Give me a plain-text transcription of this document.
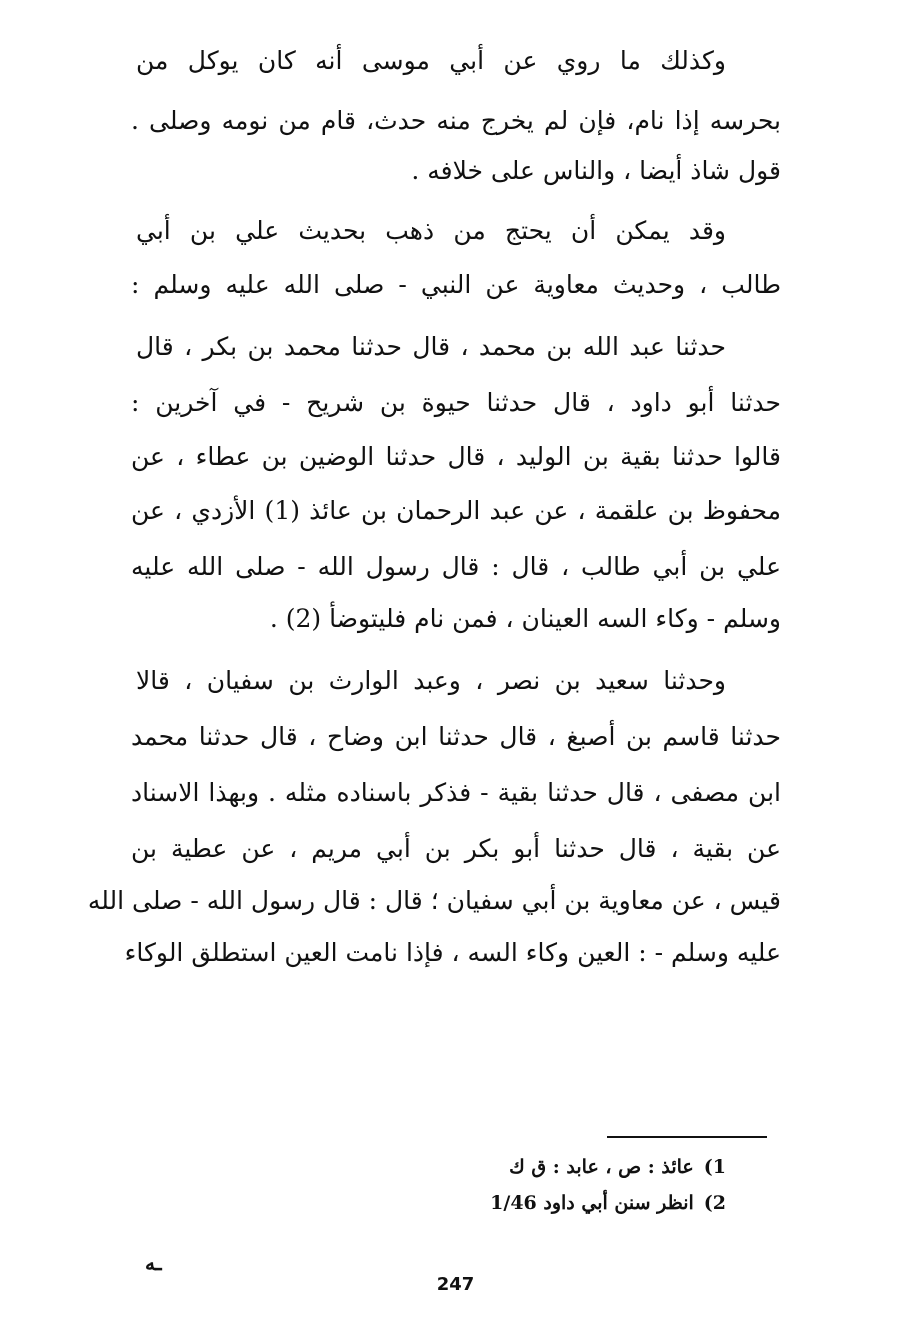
وكذلك ما روي عن أبي موسى أنه كان يوكل من
بحرسه إذا نام، فإن لم يخرج منه حدث، قام من نومه وصلى .
قول شاذ أيضا ، والناس على خلافه .
وقد يمكن أن يحتج من ذهب بحديث علي بن أبي
طالب ، وحديث معاوية عن النبي - صلى الله عليه وسلم :
حدثنا عبد الله بن محمد ، قال حدثنا محمد بن بكر ، قال
حدثنا أبو داود ، قال حدثنا حيوة بن شريح - في آخرين :
قالوا حدثنا بقية بن الوليد ، قال حدثنا الوضين بن عطاء ، عن
محفوظ بن علقمة ، عن عبد الرحمان بن عائذ (1) الأزدي ، عن
علي بن أبي طالب ، قال : قال رسول الله - صلى الله عليه
وسلم - وكاء السه العينان ، فمن نام فليتوضأ (2) .
وحدثنا سعيد بن نصر ، وعبد الوارث بن سفيان ، قالا
حدثنا قاسم بن أصبغ ، قال حدثنا ابن وضاح ، قال حدثنا محمد
ابن مصفى ، قال حدثنا بقية - فذكر باسناده مثله . وبهذا الاسناد
عن بقية ، قال حدثنا أبو بكر بن أبي مريم ، عن عطية بن
قيس ، عن معاوية بن أبي سفيان ؛ قال : قال رسول الله - صلى الله
عليه وسلم - : العين وكاء السه ، فإذا نامت العين استطلق الوكاء
1)عائذ : ص ، عابد : ق ك
2)انظر سنن أبي داود 1/46
ـه
247
